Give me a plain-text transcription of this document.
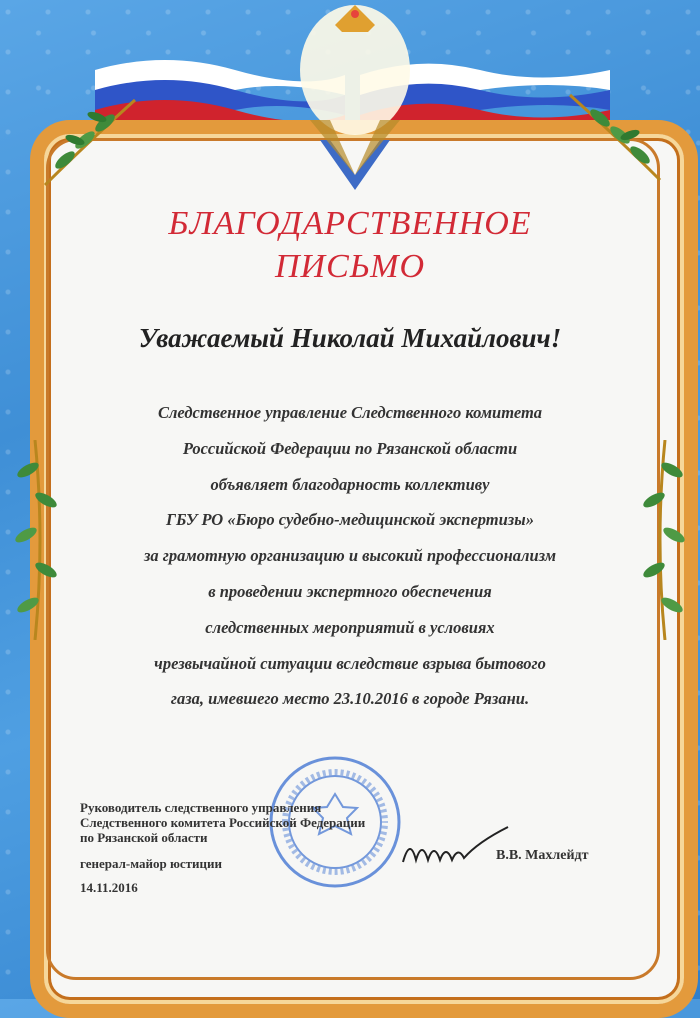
БЛАГОДАРСТВЕННОЕ
ПИСЬМО
Уважаемый Николай Михайлович!
Следственное управление Следственного комитета
Российской Федерации по Рязанской области
объявляет благодарность коллективу
ГБУ РО «Бюро судебно-медицинской экспертизы»
за грамотную организацию и высокий профессионализм
в проведении экспертного обеспечения
следственных мероприятий в условиях
чрезвычайной ситуации вследствие взрыва бытового
газа, имевшего место 23.10.2016 в городе Рязани.
Руководитель следственного управления
Следственного комитета Российской Федерации
по Рязанской области
генерал-майор юстиции
14.11.2016
В.В. Махлейдт
